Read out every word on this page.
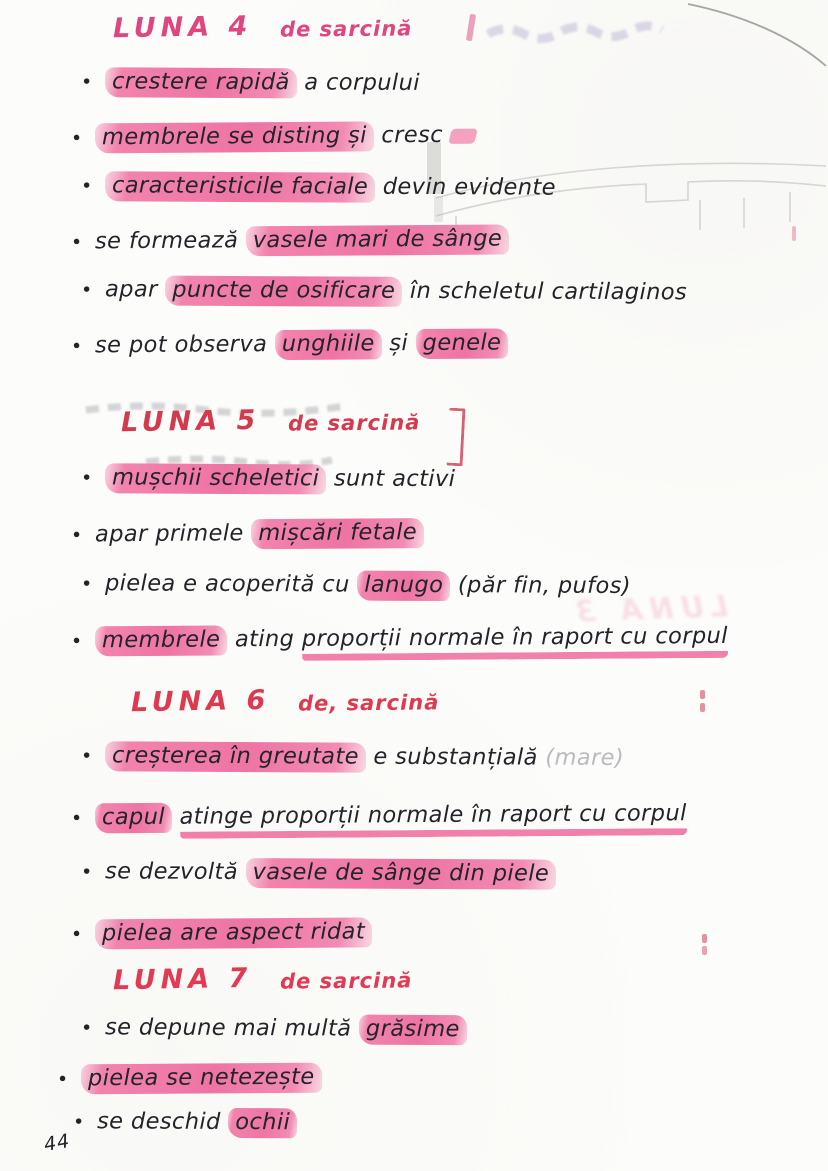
LUNA 3
LUNA 4 de sarcină
• crestere rapidă a corpului
• membrele se disting și cresc
• caracteristicile faciale devin evidente
• se formează vasele mari de sânge
• apar puncte de osificare în scheletul cartilaginos
• se pot observa unghiile și genele
LUNA 5 de sarcină
• mușchii scheletici sunt activi
• apar primele mișcări fetale
• pielea e acoperită cu lanugo (păr fin, pufos)
• membrele ating proporții normale în raport cu corpul
LUNA 6 de, sarcină
• creșterea în greutate e substanțială (mare)
• capul atinge proporții normale în raport cu corpul
• se dezvoltă vasele de sânge din piele
• pielea are aspect ridat
LUNA 7 de sarcină
• se depune mai multă grăsime
• pielea se netezește
• se deschid ochii
44
